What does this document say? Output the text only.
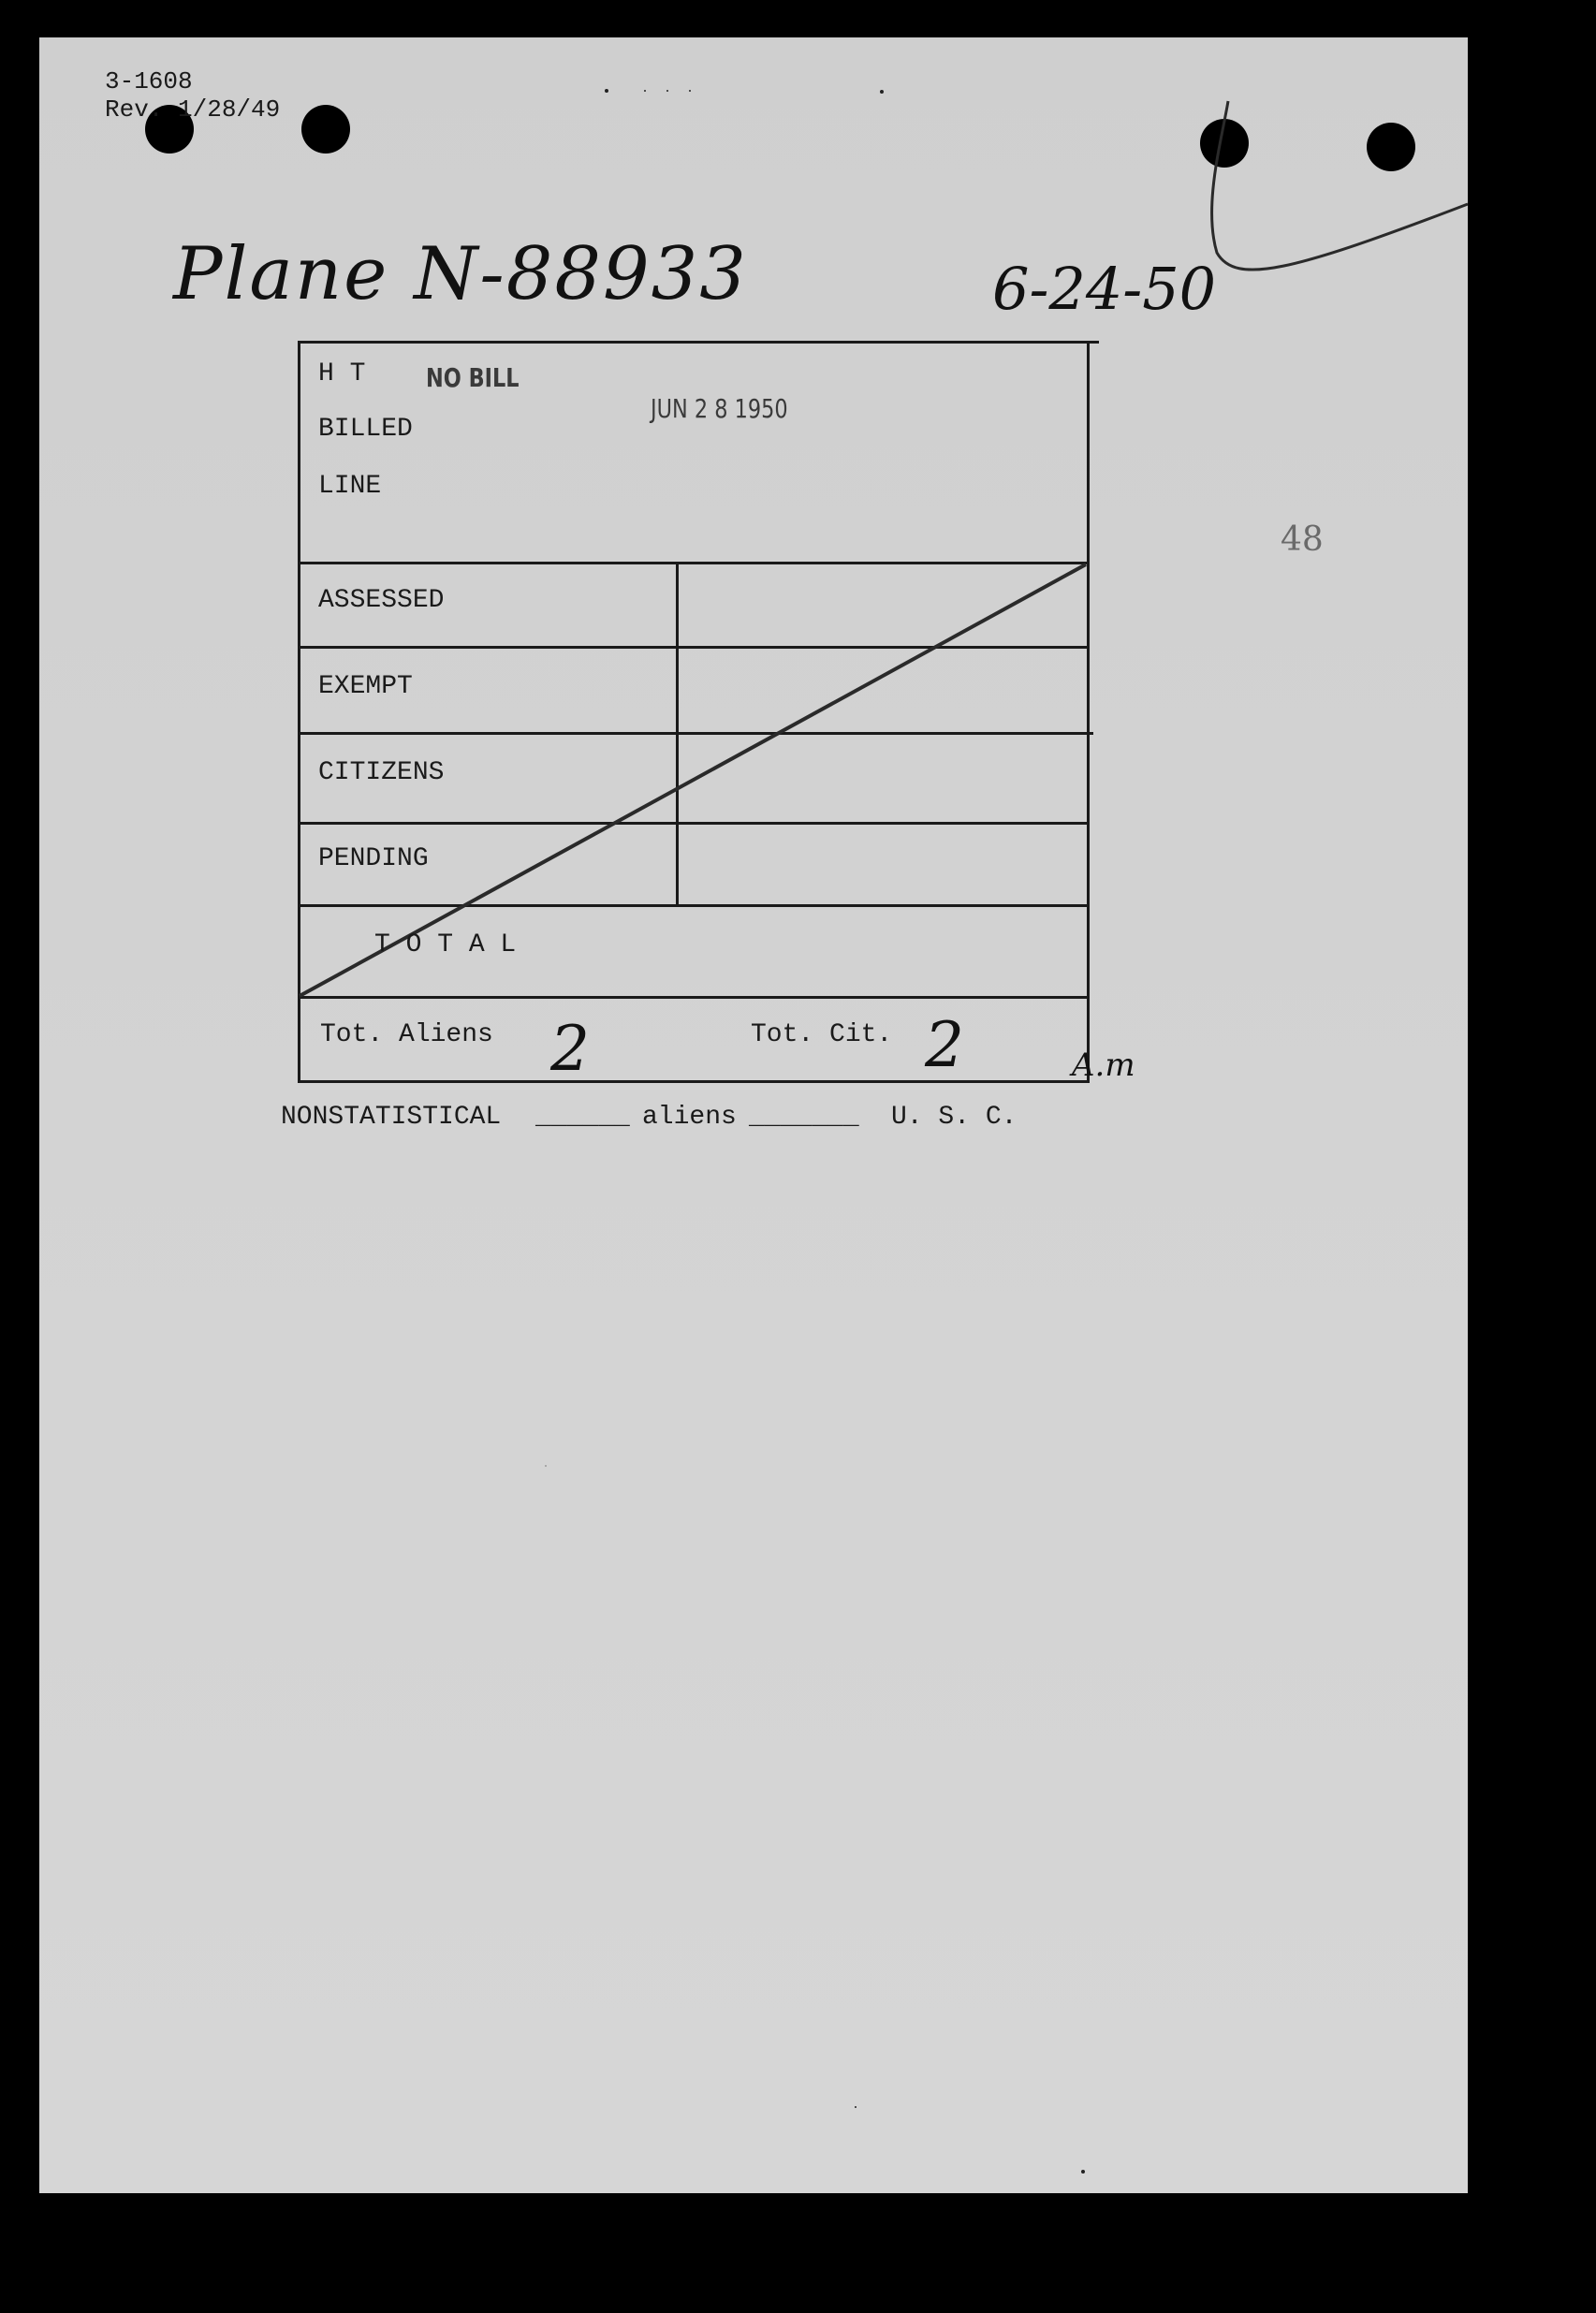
3-1608
Rev. 1/28/49
Plane N-88933	6-24-50
48
H T
BILLED
LINE
NO BILL
JUN 2 8 1950
ASSESSED
EXEMPT
CITIZENS
PENDING
T O T A L
Tot. Aliens 2	Tot. Cit. 2	A.m
NONSTATISTICAL ______ aliens _______ U. S. C.
